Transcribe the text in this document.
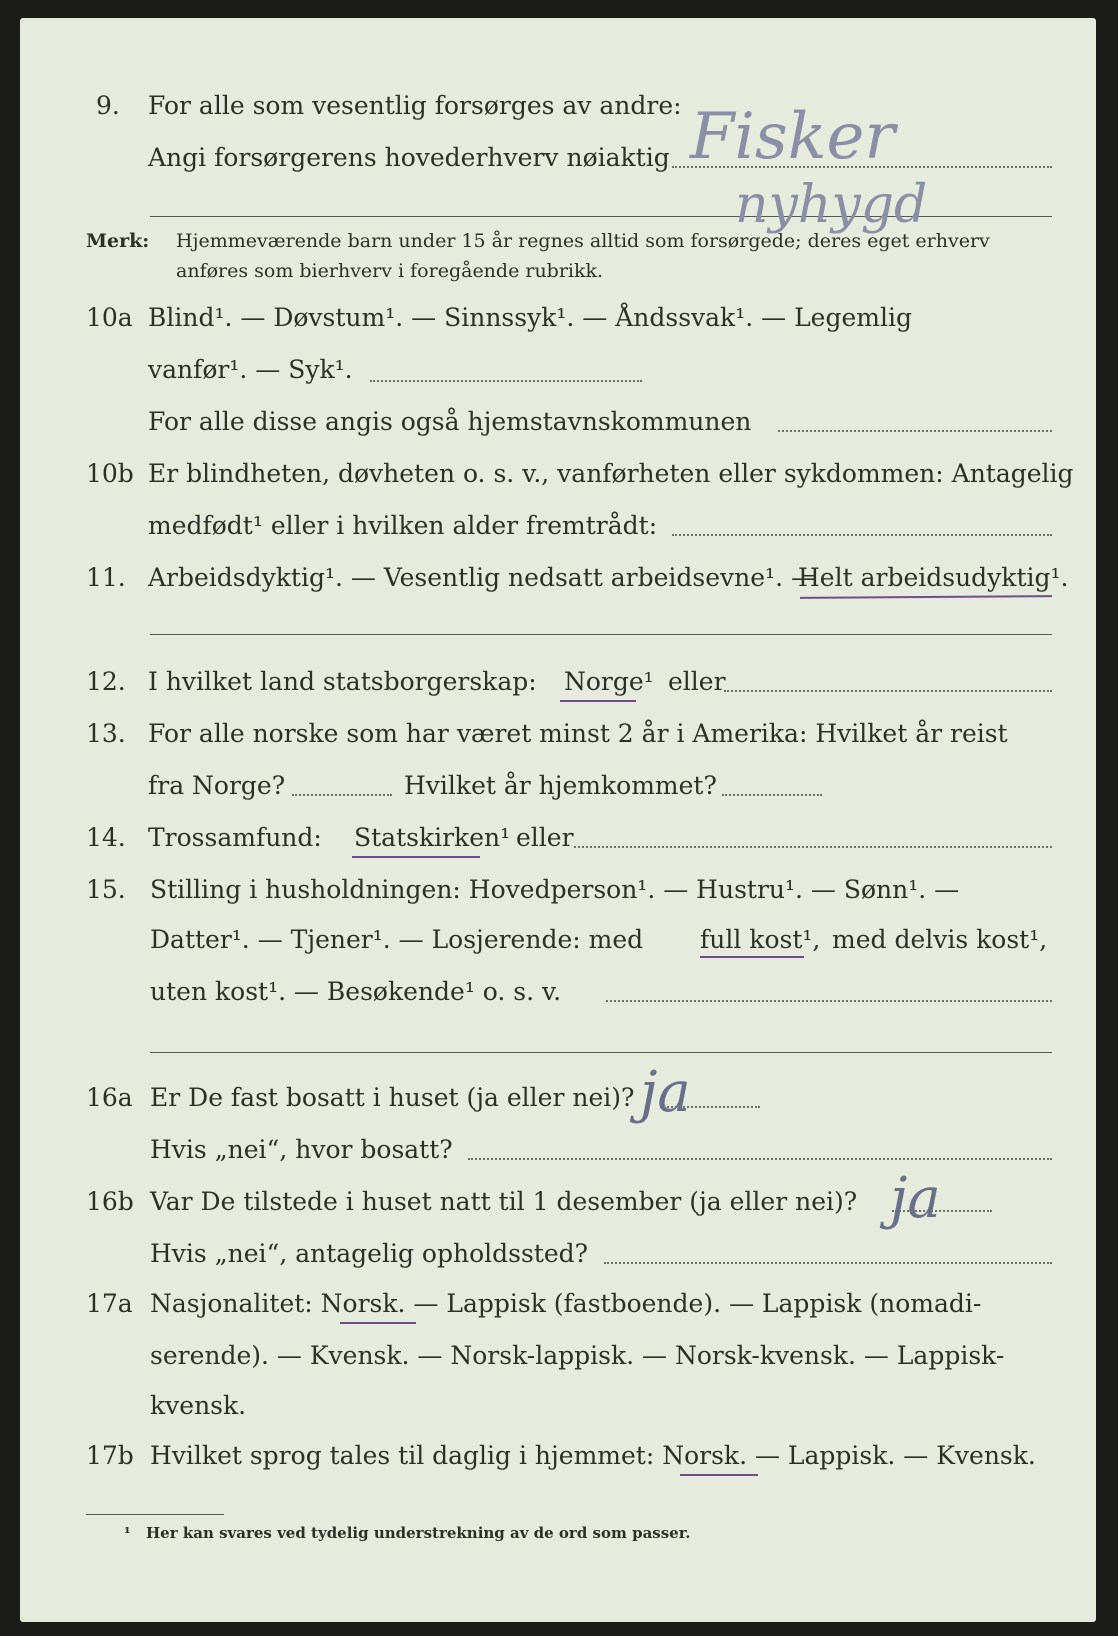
9. For alle som vesentlig forsørges av andre:
Angi forsørgerens hovederhverv nøiaktig Fisker
nyhygd
Merk: Hjemmeværende barn under 15 år regnes alltid som forsørgede; deres eget erhverv
anføres som bierhverv i foregående rubrikk.
10a Blind¹. — Døvstum¹. — Sinnssyk¹. — Åndssvak¹. — Legemlig
vanfør¹. — Syk¹.
For alle disse angis også hjemstavnskommunen
10b Er blindheten, døvheten o. s. v., vanførheten eller sykdommen: Antagelig
medfødt¹ eller i hvilken alder fremtrådt:
11. Arbeidsdyktig¹. — Vesentlig nedsatt arbeidsevne¹. —
Helt arbeidsudyktig¹.
12. I hvilket land statsborgerskap: Norge¹ eller
13. For alle norske som har været minst 2 år i Amerika: Hvilket år reist
fra Norge?	Hvilket år hjemkommet?
14. Trossamfund: Statskirken¹ eller
15. Stilling i husholdningen: Hovedperson¹. — Hustru¹. — Sønn¹. —
Datter¹. — Tjener¹. — Losjerende: med full kost¹, med delvis kost¹,
uten kost¹. — Besøkende¹ o. s. v.
16a Er De fast bosatt i huset (ja eller nei)? ja
Hvis „nei“, hvor bosatt?
16b Var De tilstede i huset natt til 1 desember (ja eller nei)? ja
Hvis „nei“, antagelig opholdssted?
17a Nasjonalitet: Norsk. — Lappisk (fastboende). — Lappisk (nomadi-
serende). — Kvensk. — Norsk-lappisk. — Norsk-kvensk. — Lappisk-
kvensk.
17b Hvilket sprog tales til daglig i hjemmet: Norsk. — Lappisk. — Kvensk.
¹ Her kan svares ved tydelig understrekning av de ord som passer.
